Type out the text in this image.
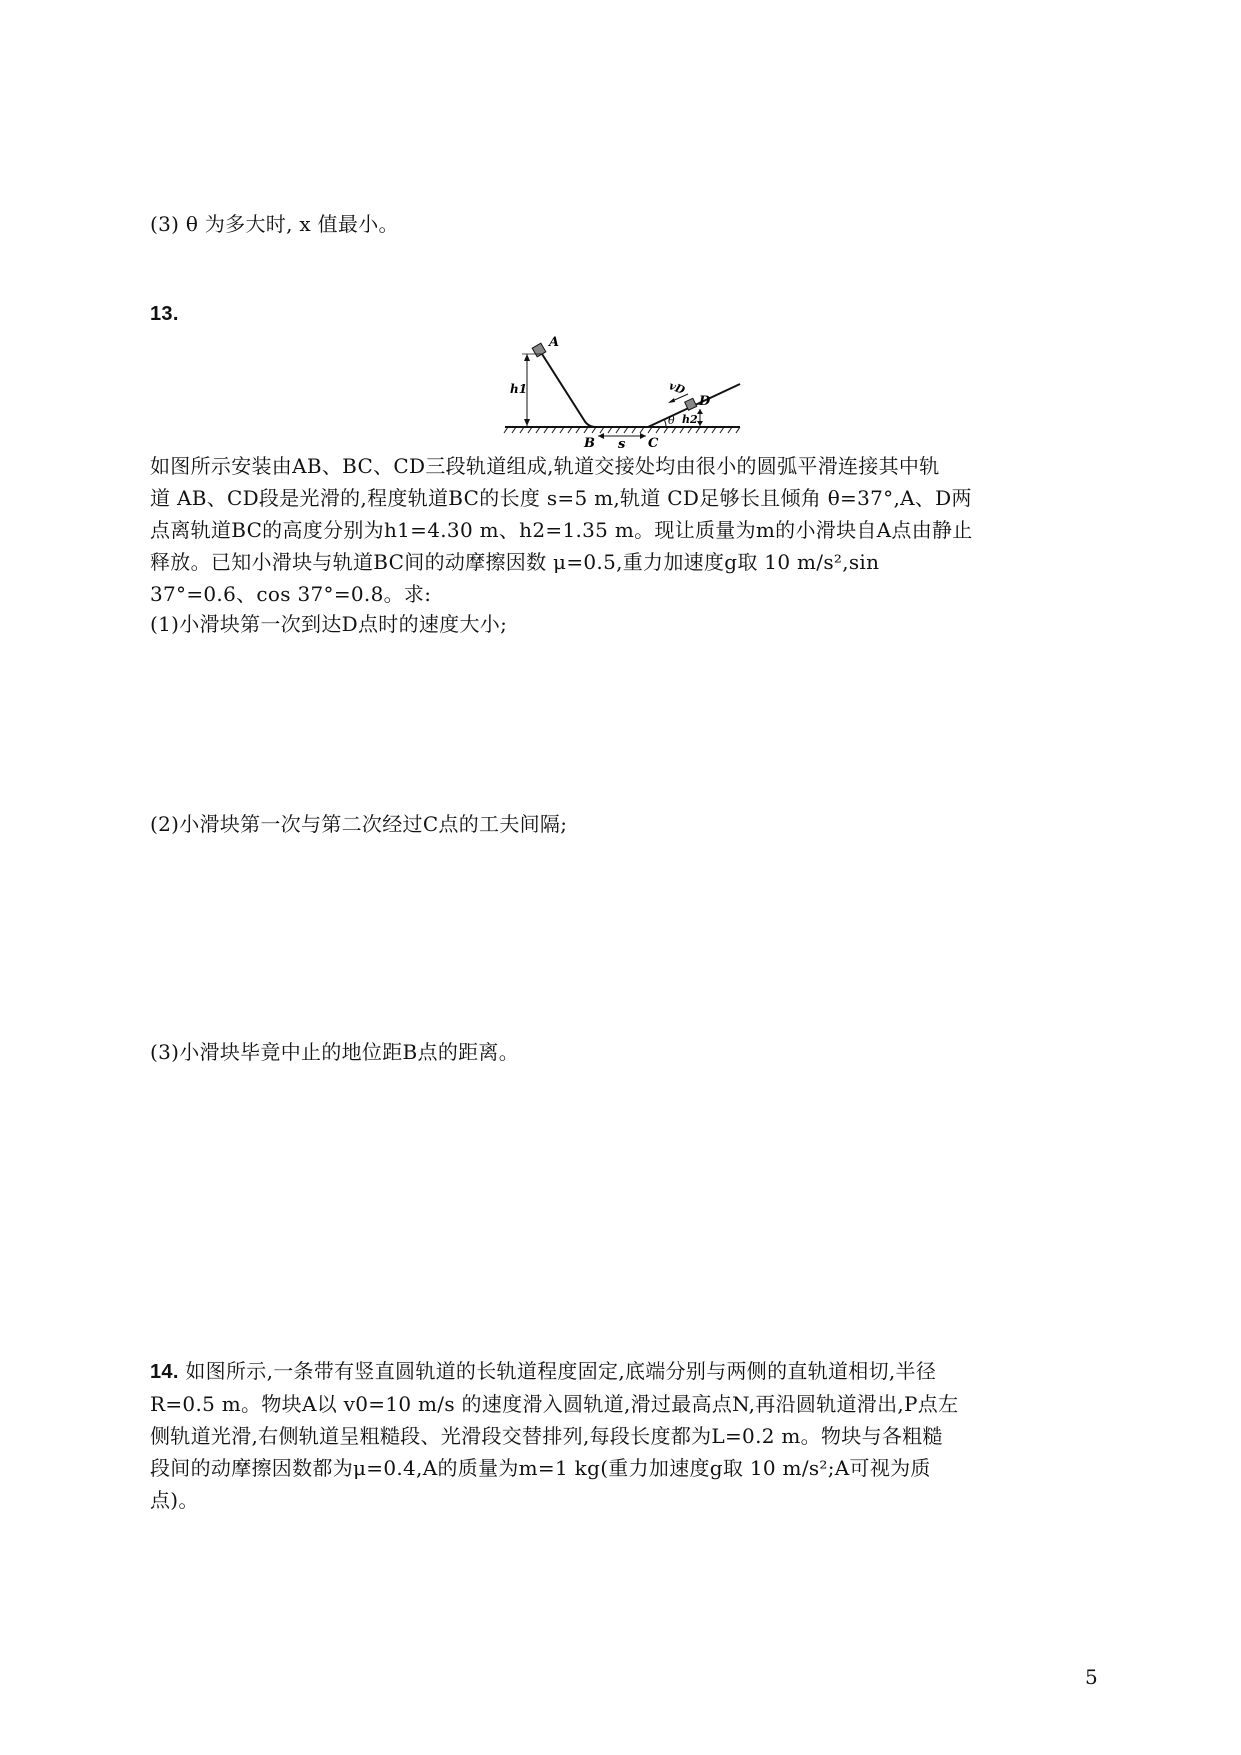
(3) θ 为多大时, x 值最小。
13.
A
h1	vD
D
h2
θ
B s C
如图所示安装由AB、BC、CD三段轨道组成,轨道交接处均由很小的圆弧平滑连接其中轨
道 AB、CD段是光滑的,程度轨道BC的长度 s=5 m,轨道 CD足够长且倾角 θ=37°,A、D两
点离轨道BC的高度分别为h1=4.30 m、h2=1.35 m。现让质量为m的小滑块自A点由静止
释放。已知小滑块与轨道BC间的动摩擦因数 μ=0.5,重力加速度g取 10 m/s²,sin
37°=0.6、cos 37°=0.8。求:
(1)小滑块第一次到达D点时的速度大小;
(2)小滑块第一次与第二次经过C点的工夫间隔;
(3)小滑块毕竟中止的地位距B点的距离。
14. 如图所示,一条带有竖直圆轨道的长轨道程度固定,底端分别与两侧的直轨道相切,半径
R=0.5 m。物块A以 v0=10 m/s 的速度滑入圆轨道,滑过最高点N,再沿圆轨道滑出,P点左
侧轨道光滑,右侧轨道呈粗糙段、光滑段交替排列,每段长度都为L=0.2 m。物块与各粗糙
段间的动摩擦因数都为μ=0.4,A的质量为m=1 kg(重力加速度g取 10 m/s²;A可视为质
点)。
5
